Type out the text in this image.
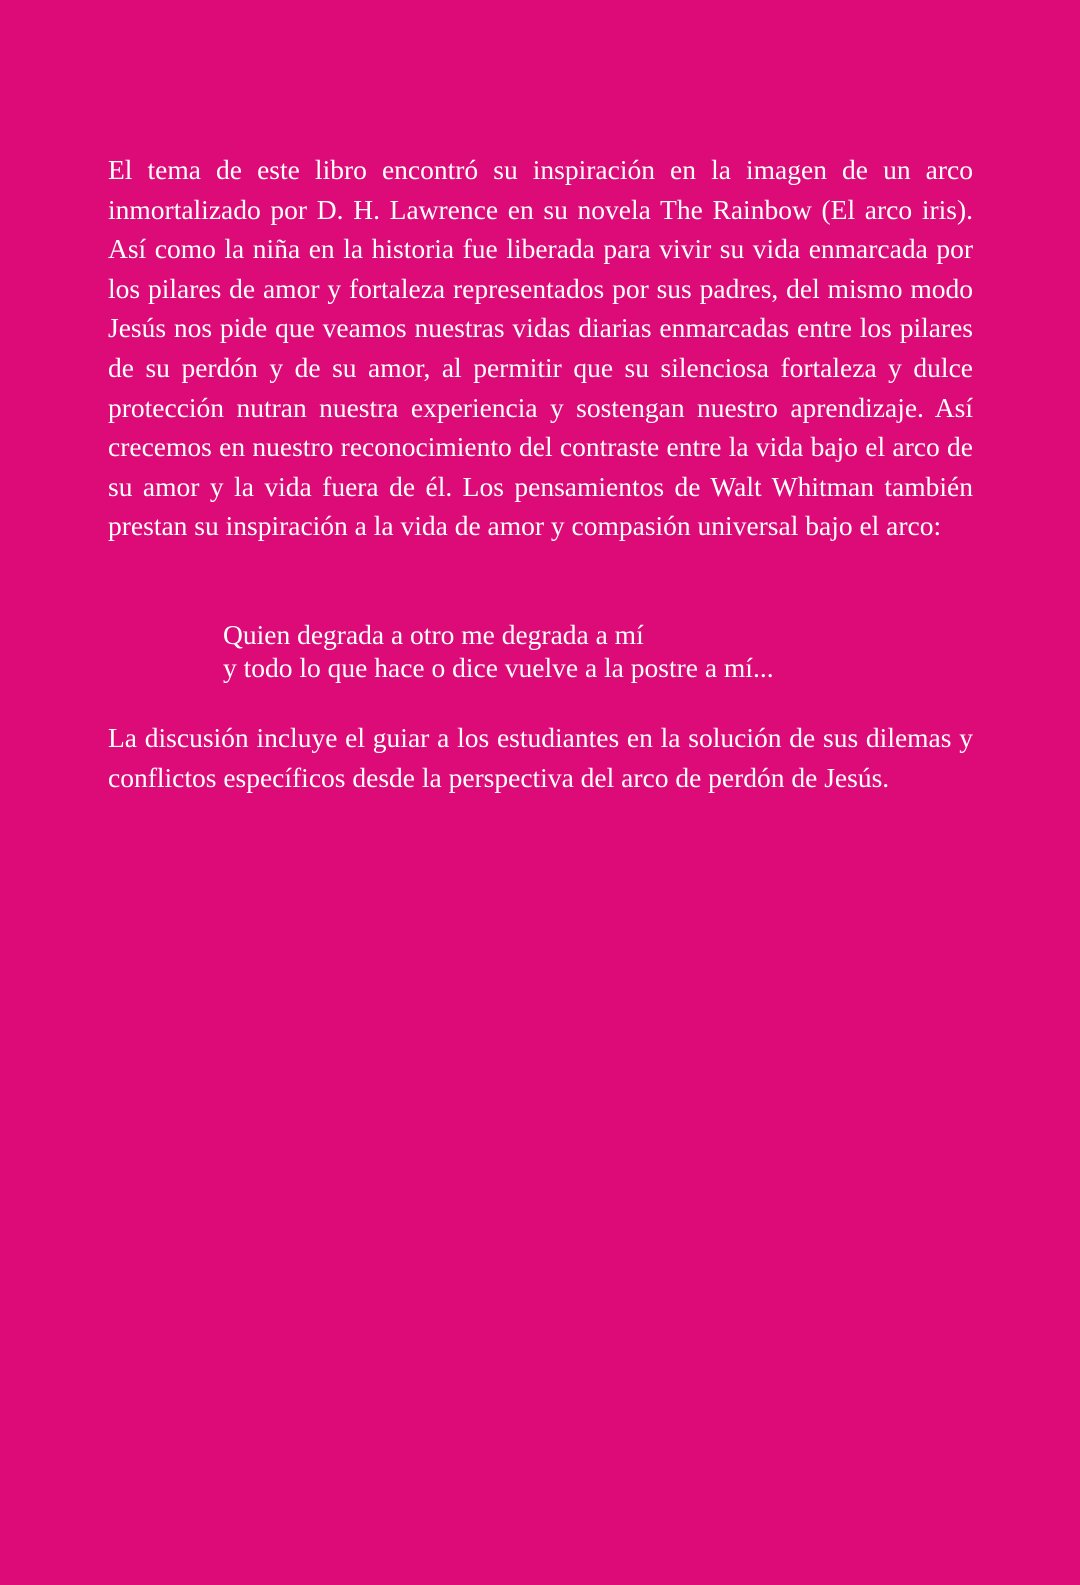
El tema de este libro encontró su inspiración en la imagen de un arco inmortalizado por D. H. Lawrence en su novela The Rainbow (El arco iris). Así como la niña en la historia fue liberada para vivir su vida enmarcada por los pilares de amor y fortaleza representados por sus padres, del mismo modo Jesús nos pide que veamos nuestras vidas diarias enmarcadas entre los pilares de su perdón y de su amor, al permitir que su silenciosa fortaleza y dulce protección nutran nuestra experiencia y sostengan nuestro aprendizaje. Así crecemos en nuestro reconocimiento del contraste entre la vida bajo el arco de su amor y la vida fuera de él. Los pensamientos de Walt Whitman también prestan su inspiración a la vida de amor y compasión universal bajo el arco:

Quien degrada a otro me degrada a mí
y todo lo que hace o dice vuelve a la postre a mí...

La discusión incluye el guiar a los estudiantes en la solución de sus dilemas y conflictos específicos desde la perspectiva del arco de perdón de Jesús.
